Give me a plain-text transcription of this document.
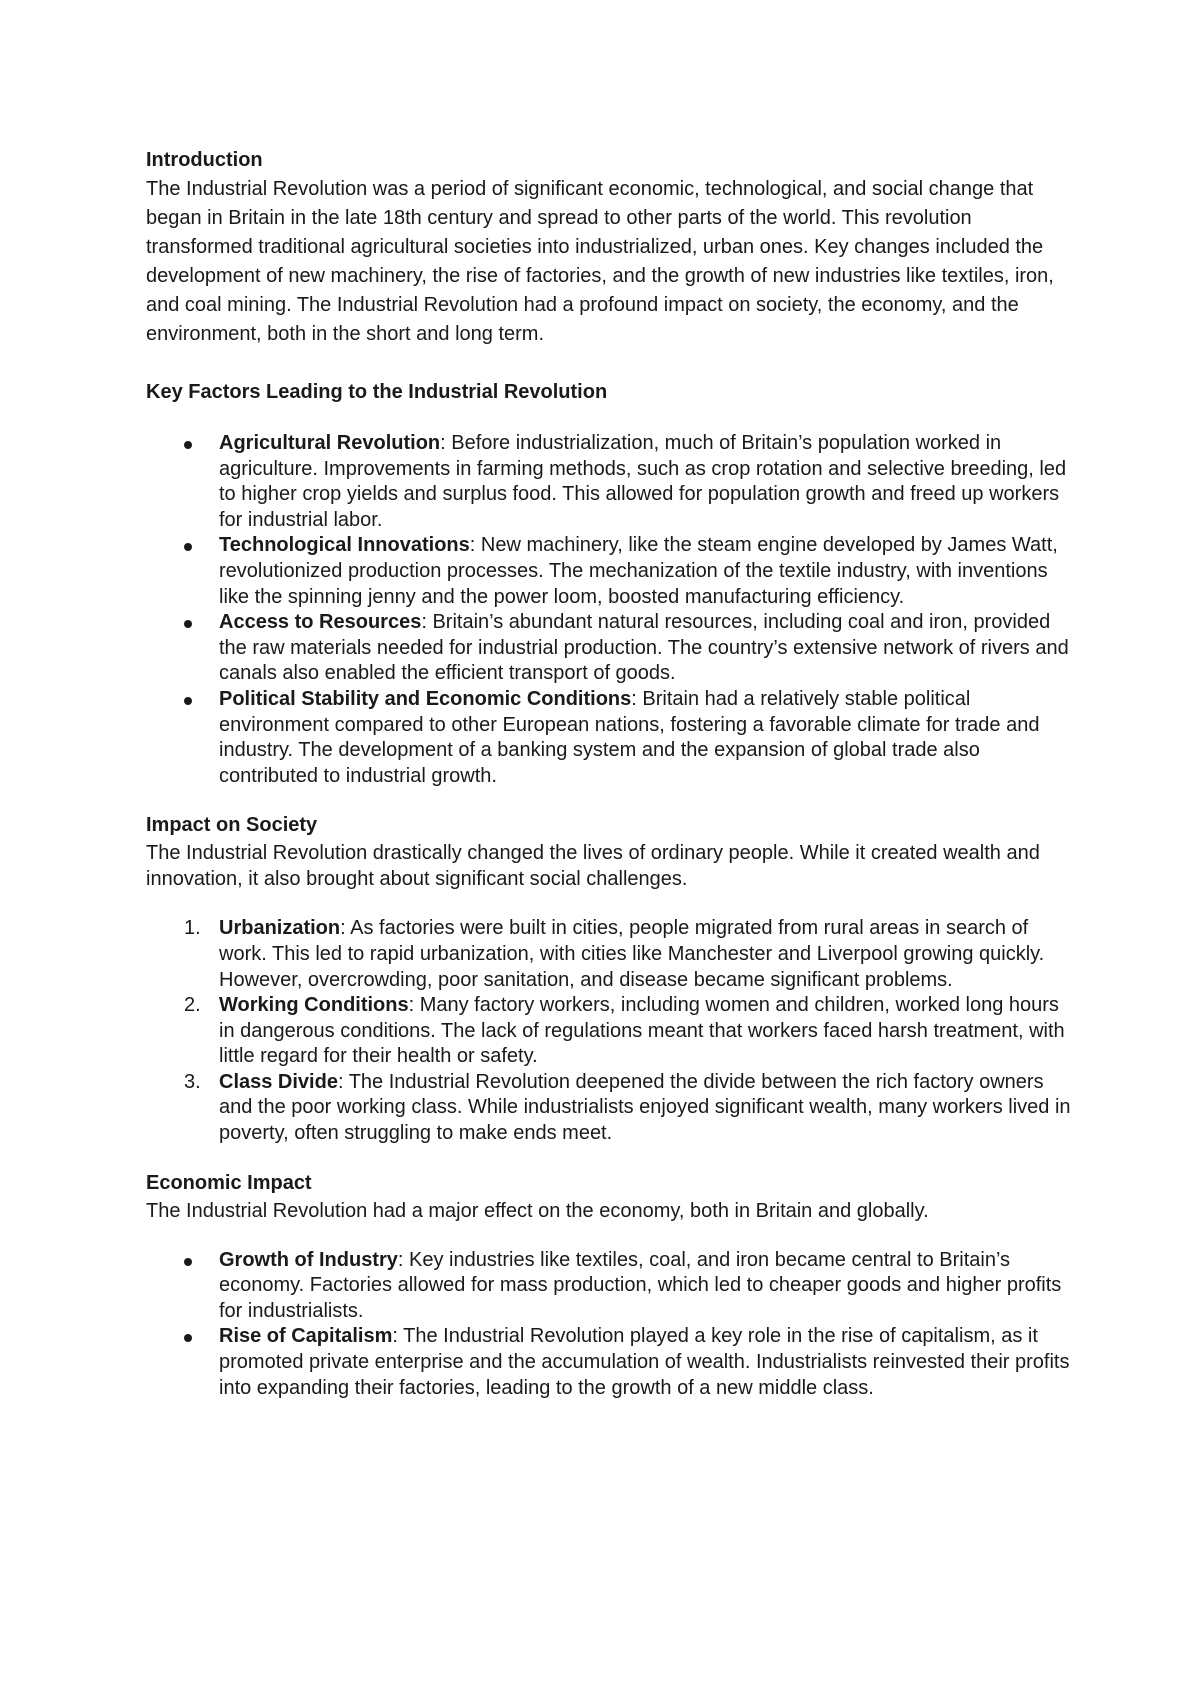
Introduction

The Industrial Revolution was a period of significant economic, technological, and social change that began in Britain in the late 18th century and spread to other parts of the world. This revolution transformed traditional agricultural societies into industrialized, urban ones. Key changes included the development of new machinery, the rise of factories, and the growth of new industries like textiles, iron, and coal mining. The Industrial Revolution had a profound impact on society, the economy, and the environment, both in the short and long term.

Key Factors Leading to the Industrial Revolution
Agricultural Revolution: Before industrialization, much of Britain’s population worked in agriculture. Improvements in farming methods, such as crop rotation and selective breeding, led to higher crop yields and surplus food. This allowed for population growth and freed up workers for industrial labor.
Technological Innovations: New machinery, like the steam engine developed by James Watt, revolutionized production processes. The mechanization of the textile industry, with inventions like the spinning jenny and the power loom, boosted manufacturing efficiency.
Access to Resources: Britain’s abundant natural resources, including coal and iron, provided the raw materials needed for industrial production. The country’s extensive network of rivers and canals also enabled the efficient transport of goods.
Political Stability and Economic Conditions: Britain had a relatively stable political environment compared to other European nations, fostering a favorable climate for trade and industry. The development of a banking system and the expansion of global trade also contributed to industrial growth.
Impact on Society

The Industrial Revolution drastically changed the lives of ordinary people. While it created wealth and innovation, it also brought about significant social challenges.

1. Urbanization: As factories were built in cities, people migrated from rural areas in search of work. This led to rapid urbanization, with cities like Manchester and Liverpool growing quickly. However, overcrowding, poor sanitation, and disease became significant problems.
2. Working Conditions: Many factory workers, including women and children, worked long hours in dangerous conditions. The lack of regulations meant that workers faced harsh treatment, with little regard for their health or safety.
3. Class Divide: The Industrial Revolution deepened the divide between the rich factory owners and the poor working class. While industrialists enjoyed significant wealth, many workers lived in poverty, often struggling to make ends meet.
Economic Impact

The Industrial Revolution had a major effect on the economy, both in Britain and globally.

Growth of Industry: Key industries like textiles, coal, and iron became central to Britain’s economy. Factories allowed for mass production, which led to cheaper goods and higher profits for industrialists.
Rise of Capitalism: The Industrial Revolution played a key role in the rise of capitalism, as it promoted private enterprise and the accumulation of wealth. Industrialists reinvested their profits into expanding their factories, leading to the growth of a new middle class.
